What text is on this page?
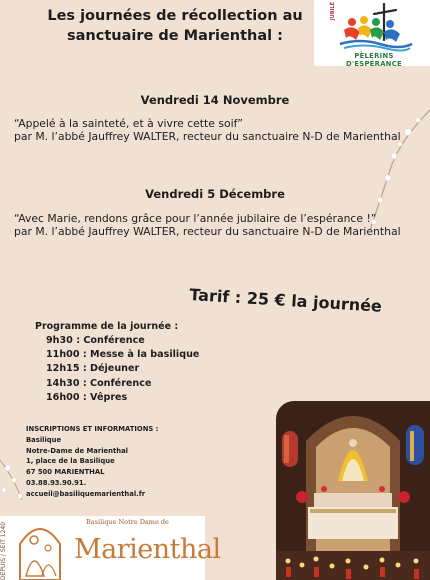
Les journées de récollection au
sanctuaire de Marienthal :
PÈLERINS D'ESPÉRANCE
JUBILÉ
Vendredi 14 Novembre
“Appelé à la sainteté, et à vivre cette soif”
par M. l’abbé Jauffrey WALTER, recteur du sanctuaire N-D de Marienthal
Vendredi 5 Décembre
“Avec Marie, rendons grâce pour l’année jubilaire de l’espérance !”
par M. l’abbé Jauffrey WALTER, recteur du sanctuaire N-D de Marienthal
Tarif : 25 € la journée
Programme de la journée :
9h30 : Conférence
11h00 : Messe à la basilique
12h15 : Déjeuner
14h30 : Conférence
16h00 : Vêpres
INSCRIPTIONS ET INFORMATIONS :
Basilique
Notre-Dame de Marienthal
1, place de la Basilique
67 500 MARIENTHAL
03.88.93.90.91.
accueil@basiliquemarienthal.fr
DEPUIS / SEIT 1240	Basilique Notre Dame de
Marienthal
